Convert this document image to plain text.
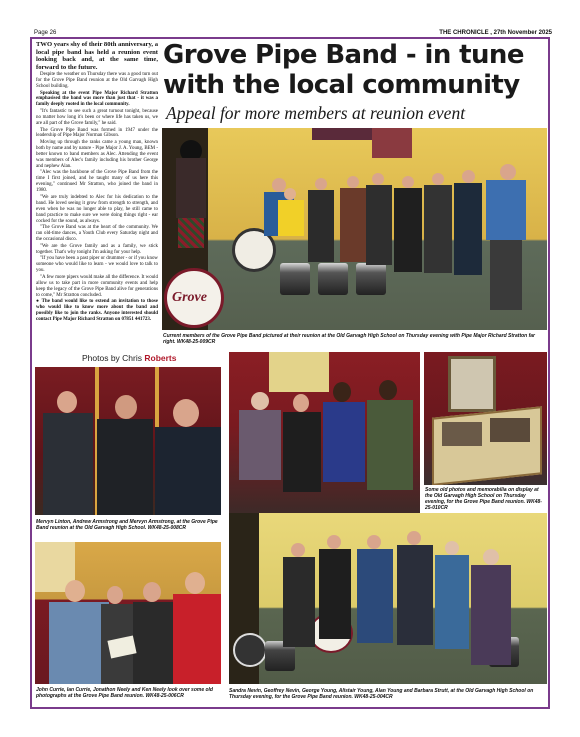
Page 26	THE CHRONICLE , 27th November 2025

TWO years shy of their 80th anniversary, a local pipe band has held a reunion event looking back and, at the same time, forward to the future.

Despite the weather on Thursday there was a good turn out for the Grove Pipe Band reunion at the Old Garvagh High School building.

Speaking at the event Pipe Major Richard Stratton emphasised the band was more than just that - it was a family deeply rooted in the local community.

"It's fantastic to see such a great turnout tonight, because no matter how long it's been or where life has taken us, we are all part of the Grove family," he said.

The Grove Pipe Band was formed in 1947 under the leadership of Pipe Major Norman Gibson.

Moving up through the ranks came a young man, known both by name and by nature - Pipe Major J. A. Young, BEM - better known to band members as Alec. Attending the event was members of Alec's family including his brother George and nephew Alan.

"Alec was the backbone of the Grove Pipe Band from the time I first joined, and he taught many of us here this evening," continued Mr Stratton, who joined the band in 1980.

"We are truly indebted to Alec for his dedication to the band. He loved seeing it grow from strength to strength, and even when he was no longer able to play, he still came to band practice to make sure we were doing things right - ear cocked for the sound, as always.

"The Grove Band was at the heart of the community. We ran old-time dances, a Youth Club every Saturday night and the occasional disco.

"We are the Grove family and as a family, we stick together. That's why tonight I'm asking for your help.

"If you have been a past piper or drummer - or if you know someone who would like to learn - we would love to talk to you.

"A few more pipers would make all the difference. It would allow us to take part in more community events and help keep the legacy of the Grove Pipe Band alive for generations to come," Mr Stratton concluded.

● The band would like to extend an invitation to those who would like to know more about the band and possibly like to join the ranks. Anyone interested should contact Pipe Major Richard Stratton on 07851 441723.

Grove Pipe Band - in tune with the local community
Appeal for more members at reunion event
Grove
Current members of the Grove Pipe Band pictured at their reunion at the Old Garvagh High School on Thursday evening with Pipe Major Richard Stratton far right. WK48-25-009CR
Photos by Chris Roberts
Mervyn Linton, Andrew Armstrong and Mervyn Armstrong, at the Grove Pipe Band reunion at the Old Garvagh High School. WK48-25-008CR
Some old photos and memorabilia on display at the Old Garvagh High School on Thursday evening, for the Grove Pipe Band reunion. WK48-25-010CR
John Currie, Ian Currie, Jonathon Neely and Ken Neely look over some old photographs at the Grove Pipe Band reunion. WK48-25-006CR
Sandra Nevin, Geoffrey Nevin, George Young, Alistair Young, Alan Young and Barbara Strutt, at the Old Garvagh High School on Thursday evening, for the Grove Pipe Band reunion. WK48-25-004CR
